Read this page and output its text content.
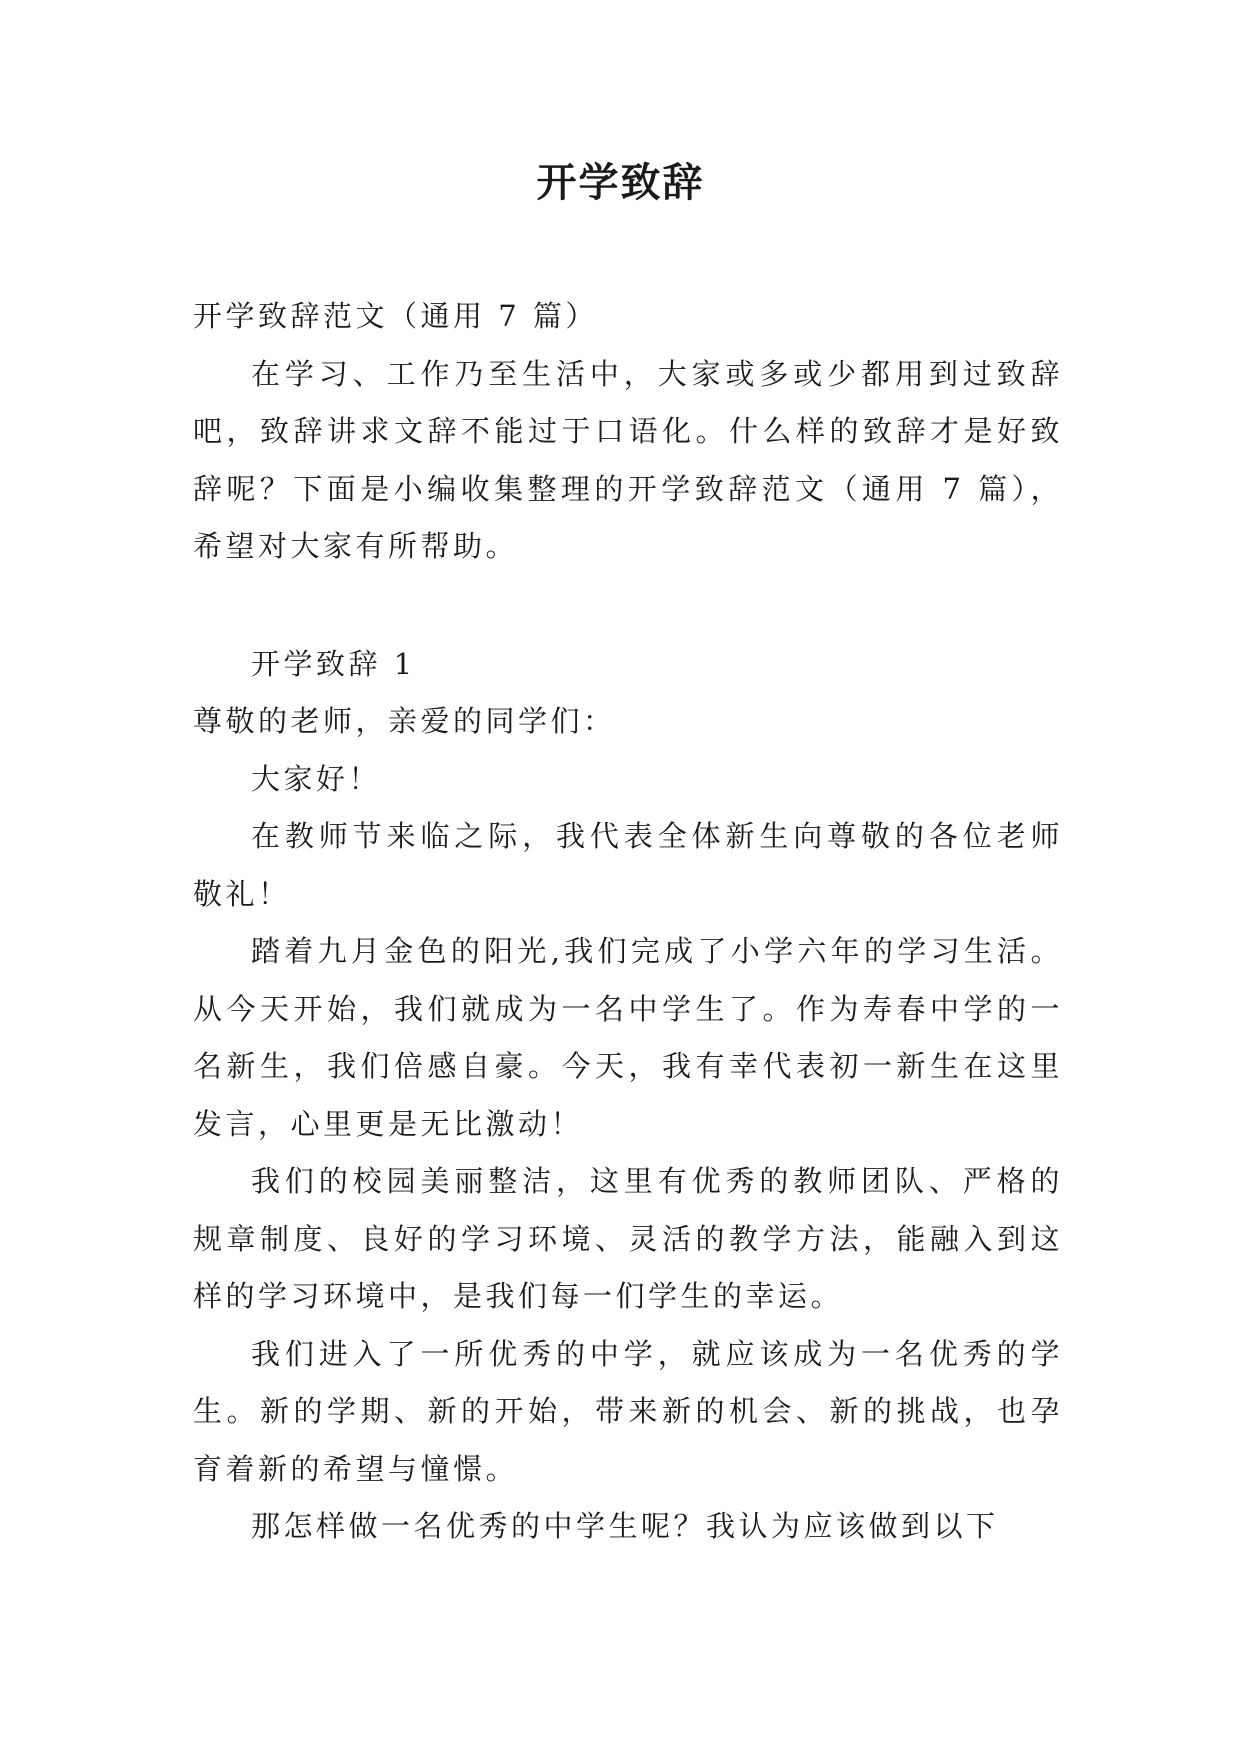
开学致辞

开学致辞范文（通用 7 篇）

在学习、工作乃至生活中，大家或多或少都用到过致辞吧，致辞讲求文辞不能过于口语化。什么样的致辞才是好致辞呢？下面是小编收集整理的开学致辞范文（通用 7 篇），希望对大家有所帮助。

开学致辞 1

尊敬的老师，亲爱的同学们：

大家好！

在教师节来临之际，我代表全体新生向尊敬的各位老师敬礼！

踏着九月金色的阳光,我们完成了小学六年的学习生活。从今天开始，我们就成为一名中学生了。作为寿春中学的一名新生，我们倍感自豪。今天，我有幸代表初一新生在这里发言，心里更是无比激动！

我们的校园美丽整洁，这里有优秀的教师团队、严格的规章制度、良好的学习环境、灵活的教学方法，能融入到这样的学习环境中，是我们每一们学生的幸运。

我们进入了一所优秀的中学，就应该成为一名优秀的学生。新的学期、新的开始，带来新的机会、新的挑战，也孕育着新的希望与憧憬。

那怎样做一名优秀的中学生呢？我认为应该做到以下
